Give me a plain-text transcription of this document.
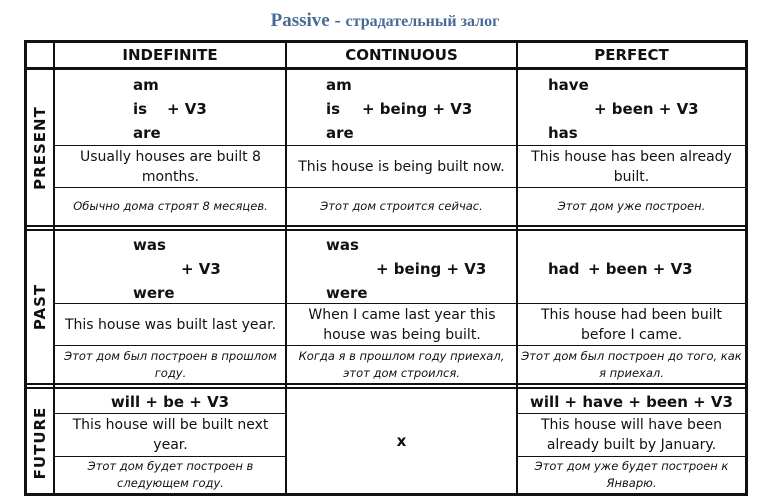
Passive - страдательный залог
INDEFINITE	CONTINUOUS	PERFECT
PRESENT
PAST
FUTURE
am
is + V3
are
Usually houses are built 8 months.
Обычно дома строят 8 месяцев.
am
is + being + V3
are
This house is being built now.
Этот дом строится сейчас.
have
+ been + V3
has
This house has been already built.
Этот дом уже построен.
was
+ V3
were
This house was built last year.
Этот дом был построен в прошлом году.
was
+ being + V3
were
When I came last year this house was being built.
Когда я в прошлом году приехал, этот дом строился.
had + been + V3
This house had been built before I came.
Этот дом был построен до того, как я приехал.
will + be + V3
This house will be built next year.
Этот дом будет построен в следующем году.
x
will + have + been + V3
This house will have been already built by January.
Этот дом уже будет построен к Январю.
